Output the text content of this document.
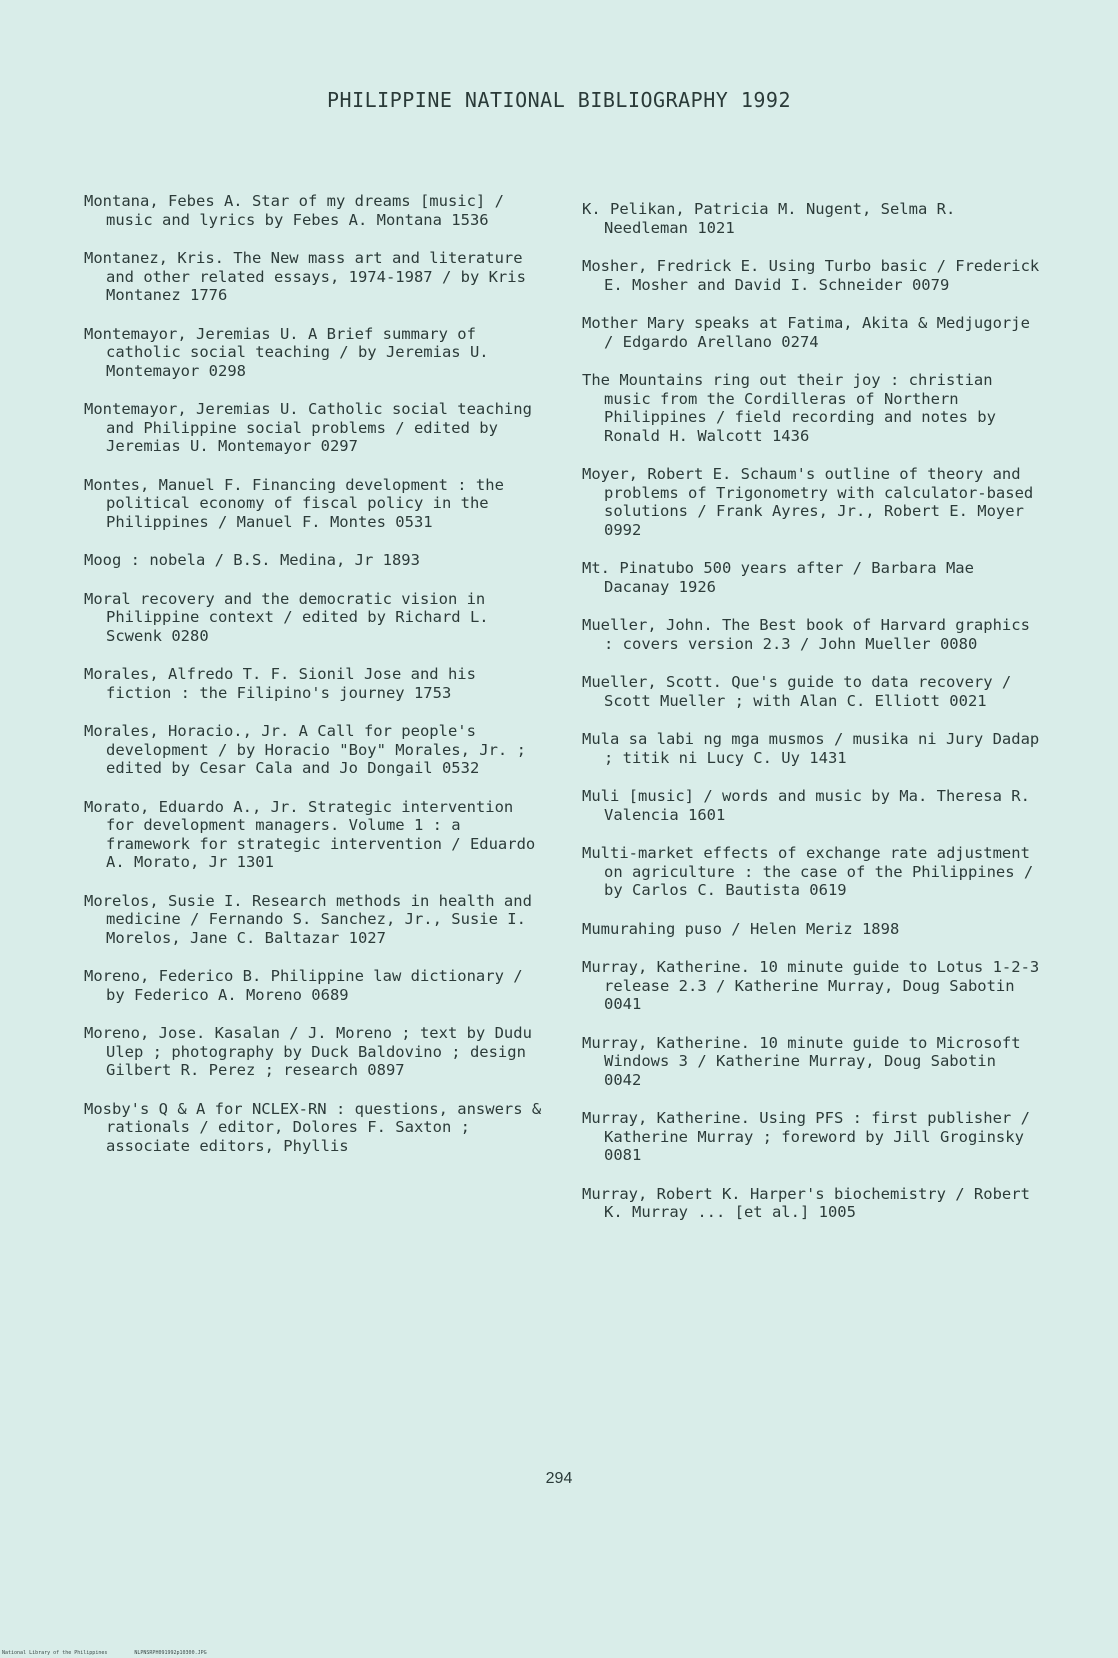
PHILIPPINE NATIONAL BIBLIOGRAPHY 1992

Montana, Febes A. Star of my dreams [music] / music and lyrics by Febes A. Montana 1536

Montanez, Kris. The New mass art and literature and other related essays, 1974-1987 / by Kris Montanez 1776

Montemayor, Jeremias U. A Brief summary of catholic social teaching / by Jeremias U. Montemayor 0298

Montemayor, Jeremias U. Catholic social teaching and Philippine social problems / edited by Jeremias U. Montemayor 0297

Montes, Manuel F. Financing development : the political economy of fiscal policy in the Philippines / Manuel F. Montes 0531

Moog : nobela / B.S. Medina, Jr 1893

Moral recovery and the democratic vision in Philippine context / edited by Richard L. Scwenk 0280

Morales, Alfredo T. F. Sionil Jose and his fiction : the Filipino's journey 1753

Morales, Horacio., Jr. A Call for people's development / by Horacio "Boy" Morales, Jr. ; edited by Cesar Cala and Jo Dongail 0532

Morato, Eduardo A., Jr. Strategic intervention for development managers. Volume 1 : a framework for strategic intervention / Eduardo A. Morato, Jr 1301

Morelos, Susie I. Research methods in health and medicine / Fernando S. Sanchez, Jr., Susie I. Morelos, Jane C. Baltazar 1027

Moreno, Federico B. Philippine law dictionary / by Federico A. Moreno 0689

Moreno, Jose. Kasalan / J. Moreno ; text by Dudu Ulep ; photography by Duck Baldovino ; design Gilbert R. Perez ; research 0897

Mosby's Q & A for NCLEX-RN : questions, answers & rationals / editor, Dolores F. Saxton ; associate editors, Phyllis

K. Pelikan, Patricia M. Nugent, Selma R. Needleman 1021

Mosher, Fredrick E. Using Turbo basic / Frederick E. Mosher and David I. Schneider 0079

Mother Mary speaks at Fatima, Akita & Medjugorje / Edgardo Arellano 0274

The Mountains ring out their joy : christian music from the Cordilleras of Northern Philippines / field recording and notes by Ronald H. Walcott 1436

Moyer, Robert E. Schaum's outline of theory and problems of Trigonometry with calculator-based solutions / Frank Ayres, Jr., Robert E. Moyer 0992

Mt. Pinatubo 500 years after / Barbara Mae Dacanay 1926

Mueller, John. The Best book of Harvard graphics : covers version 2.3 / John Mueller 0080

Mueller, Scott. Que's guide to data recovery / Scott Mueller ; with Alan C. Elliott 0021

Mula sa labi ng mga musmos / musika ni Jury Dadap ; titik ni Lucy C. Uy 1431

Muli [music] / words and music by Ma. Theresa R. Valencia 1601

Multi-market effects of exchange rate adjustment on agriculture : the case of the Philippines / by Carlos C. Bautista 0619

Mumurahing puso / Helen Meriz 1898

Murray, Katherine. 10 minute guide to Lotus 1-2-3 release 2.3 / Katherine Murray, Doug Sabotin 0041

Murray, Katherine. 10 minute guide to Microsoft Windows 3 / Katherine Murray, Doug Sabotin 0042

Murray, Katherine. Using PFS : first publisher / Katherine Murray ; foreword by Jill Groginsky 0081

Murray, Robert K. Harper's biochemistry / Robert K. Murray ... [et al.] 1005

294
National Library of the Philippines	NLPNSRPH091992p10300.JPG
